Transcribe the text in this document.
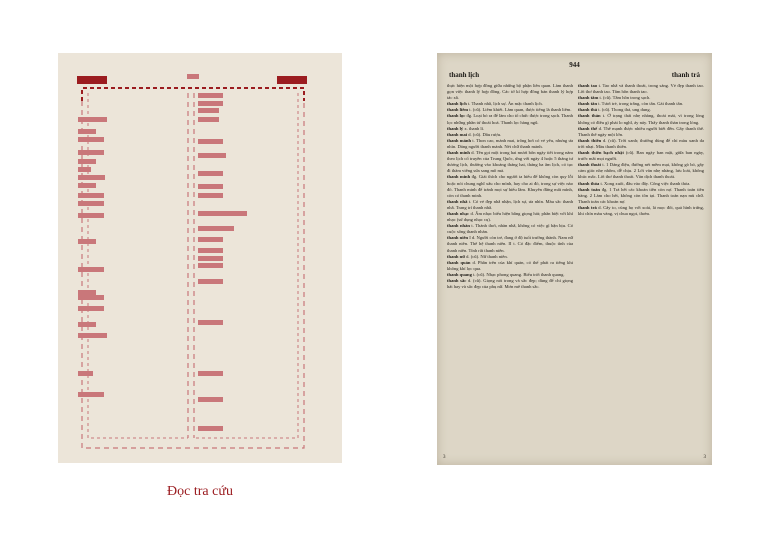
Đọc tra cứu
944
thanh lịch	thanh trà

thực hiện một hợp đồng giữa những bộ phận liên quan. Làm thanh gọn việc thanh lý hợp đồng. Các tờ kí hợp đồng bản thanh lý hợp tác xã.

thanh lịch t. Thanh nhã, lịch sự. Ăn mặc thanh lịch.

thanh liêm t. (cũ). Liêm khiết. Làm quan, được tiếng là thanh liêm.

thanh lọc đg. Loại bỏ ra để làm cho tổ chức được trong sạch. Thanh lọc những phần tử thoái hoá. Thanh lọc hàng ngũ.

thanh lý x. thanh lí.

thanh mai d. (cũ). Dâu rượu.

thanh mảnh t. Thon cao, mảnh mai, trông hơi có vẻ yếu, nhưng ưa nhìn. Dáng người thanh mảnh. Nét chữ thanh mảnh.

thanh minh d. Tên gọi một trong hai mươi bốn ngày tiết trong năm theo lịch cổ truyền của Trung Quốc, ứng với ngày 4 hoặc 5 tháng tư dương lịch, thường vào khoảng tháng hai, tháng ba âm lịch, có tục đi thăm viếng sửa sang mồ mả.

thanh minh đg. Giải thích cho người ta hiểu để không còn quy lỗi hoặc nói chung nghĩ xấu cho mình, hay cho ai đó, trong sự việc nào đó. Thanh minh để tránh mọi sự hiểu lầm. Khuyên đừng mất mình, còn có thanh minh.

thanh nhã t. Có vẻ đẹp nhã nhặn, lịch sự, ưa nhìn. Màu sắc thanh nhã. Trang trí thanh nhã.

thanh nhạc d. Âm nhạc biểu hiện bằng giọng hát; phân biệt với khí nhạc (sử dụng nhạc cụ).

thanh nhàn t. Thảnh thơi, nhàn nhã, không có việc gì bận bịu. Có cuộc sống thanh nhàn.

thanh niên I d. Người còn trẻ, đang ở độ tuổi trưởng thành. Nam nữ thanh niên. Thế hệ thanh niên. II t. Có đặc điểm, thuộc tính của thanh niên. Tính rất thanh niên.

thanh nữ d. (cũ). Nữ thanh niên.

thanh quản d. Phần trên của khí quản, có thể phát ra tiếng khi không khí lọc qua.

thanh quang t. (cũ). Nhạc phong quang. Biểu trời thanh quang.

thanh sắc d. (cũ). Giọng nói trong và sắc đẹp; dùng để chỉ giọng hát hay và sắc đẹp của phụ nữ. Mơn mê thanh sắc.

thanh tao t. Tao nhã và thanh thoát, trong sáng. Vẻ đẹp thanh tao. Lời thơ thanh tao. Tâm hồn thanh tao.

thanh tâm t. (cũ). Tâm hồn trong sạch.

thanh tân t. Tươi trẻ, trong trắng, còn tân. Gái thanh tân.

thanh thả t. (cũ). Thong thả, ung dung.

thanh thản t. Ở trạng thái nhẹ nhàng, thoải mái, vì trong lòng không có điều gì phải lo nghĩ, áy náy. Thấy thanh thản trong lòng.

thanh thế d. Thế mạnh được nhiều người biết đến. Gây thanh thế. Thanh thế ngày một lớn.

thanh thiên d. (cũ). Trời xanh; thường dùng để chỉ màu xanh da trời nhạt. Màu thanh thiên.

thanh thiên bạch nhật (cũ). Ban ngày ban mặt, giữa ban ngày, trước mắt mọi người.

thanh thoát t. 1 Dáng điệu, đường nét mềm mại, không gò bó, gây cảm giác nhẹ nhõm, dễ chịu. 2 Lời văn nhẹ nhàng, lưu loát, không khúc mắc. Lời thơ thanh thoát. Văn dịch thanh thoát.

thanh thỏa t. Xong xuôi, đâu vào đấy. Công việc thanh thỏa.

thanh toán đg. 1 Trả hết các khoản tiền còn nợ. Thanh toán tiền hàng. 2 Làm cho hết, không còn tồn tại. Thanh toán nạn mù chữ. Thanh toán các khoản nợ.

thanh trà d. Cây to, cùng họ với xoài, lá mọc đối, quả hình trứng, khi chín màu vàng, vị chua ngọt, thơm.

3	3
